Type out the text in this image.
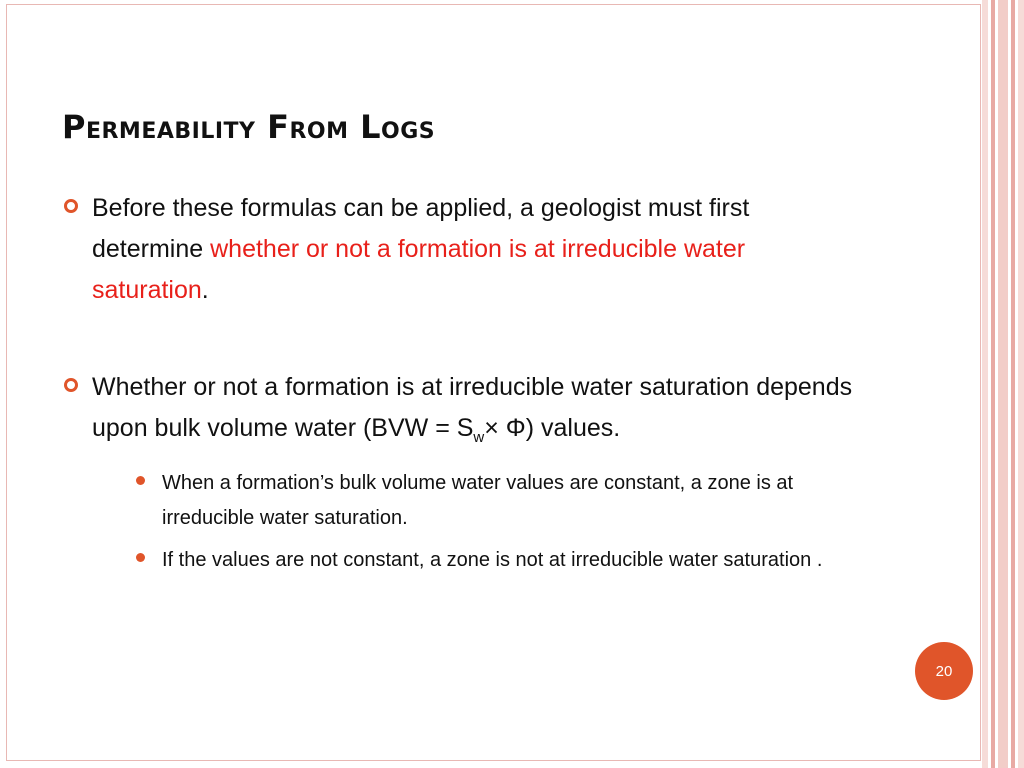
Permeability From Logs
Before these formulas can be applied, a geologist must first determine whether or not a formation is at irreducible water saturation.
Whether or not a formation is at irreducible water saturation depends upon bulk volume water $(BVW = S_w\times \Phi)$ values.
When a formation’s bulk volume water values are constant, a zone is at irreducible water saturation.
If the values are not constant, a zone is not at irreducible water saturation .
20
